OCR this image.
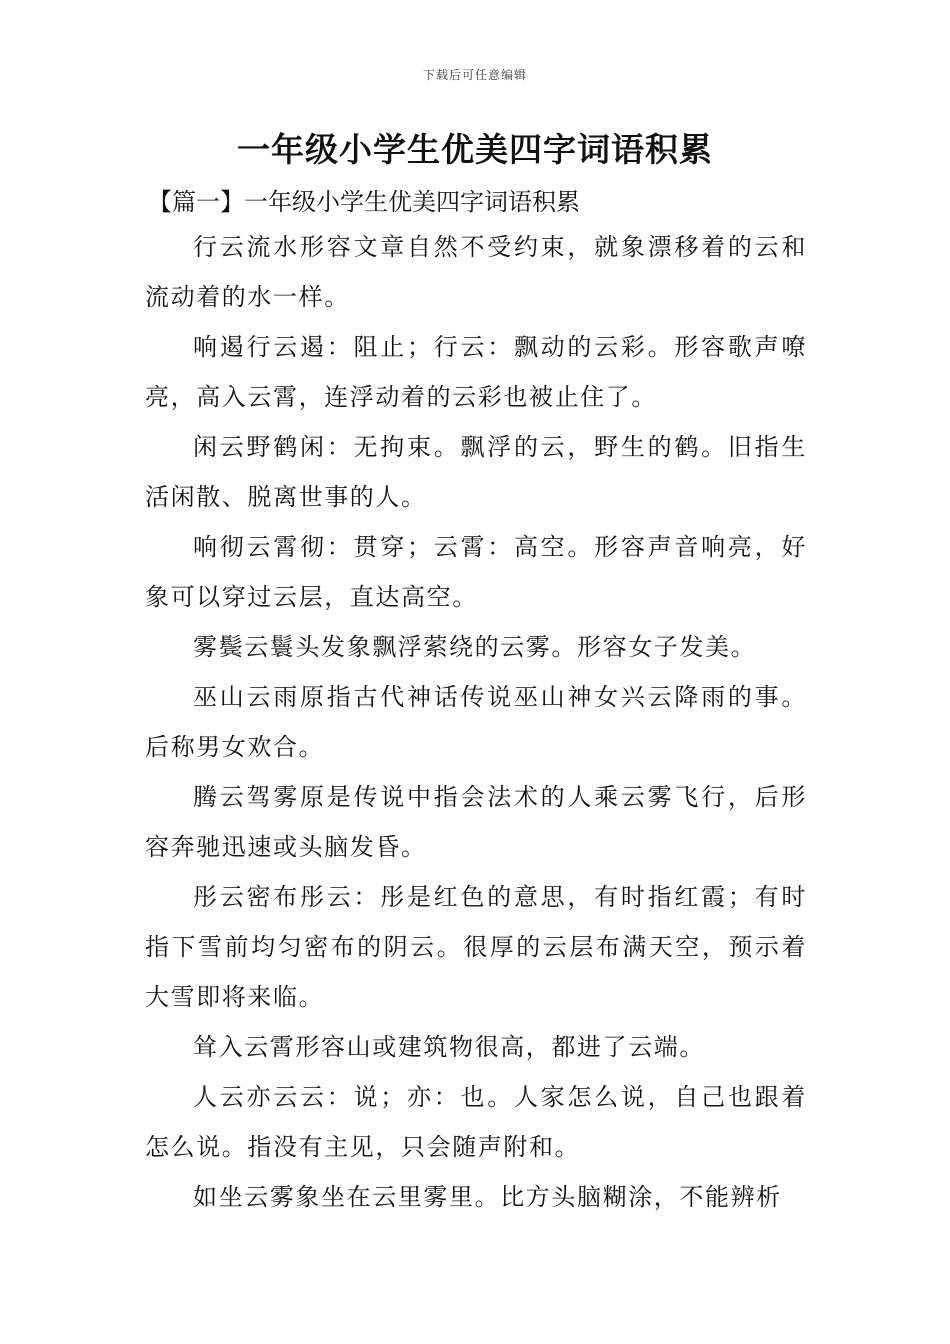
下载后可任意编辑
一年级小学生优美四字词语积累
【篇一】一年级小学生优美四字词语积累

行云流水形容文章自然不受约束，就象漂移着的云和流动着的水一样。

响遏行云遏：阻止；行云：飘动的云彩。形容歌声嘹亮，高入云霄，连浮动着的云彩也被止住了。

闲云野鹤闲：无拘束。飘浮的云，野生的鹤。旧指生活闲散、脱离世事的人。

响彻云霄彻：贯穿；云霄：高空。形容声音响亮，好象可以穿过云层，直达高空。

雾鬓云鬟头发象飘浮萦绕的云雾。形容女子发美。

巫山云雨原指古代神话传说巫山神女兴云降雨的事。后称男女欢合。

腾云驾雾原是传说中指会法术的人乘云雾飞行，后形容奔驰迅速或头脑发昏。

彤云密布彤云：彤是红色的意思，有时指红霞；有时指下雪前均匀密布的阴云。很厚的云层布满天空，预示着大雪即将来临。

耸入云霄形容山或建筑物很高，都进了云端。

人云亦云云：说；亦：也。人家怎么说，自己也跟着怎么说。指没有主见，只会随声附和。

如坐云雾象坐在云里雾里。比方头脑糊涂，不能辨析
